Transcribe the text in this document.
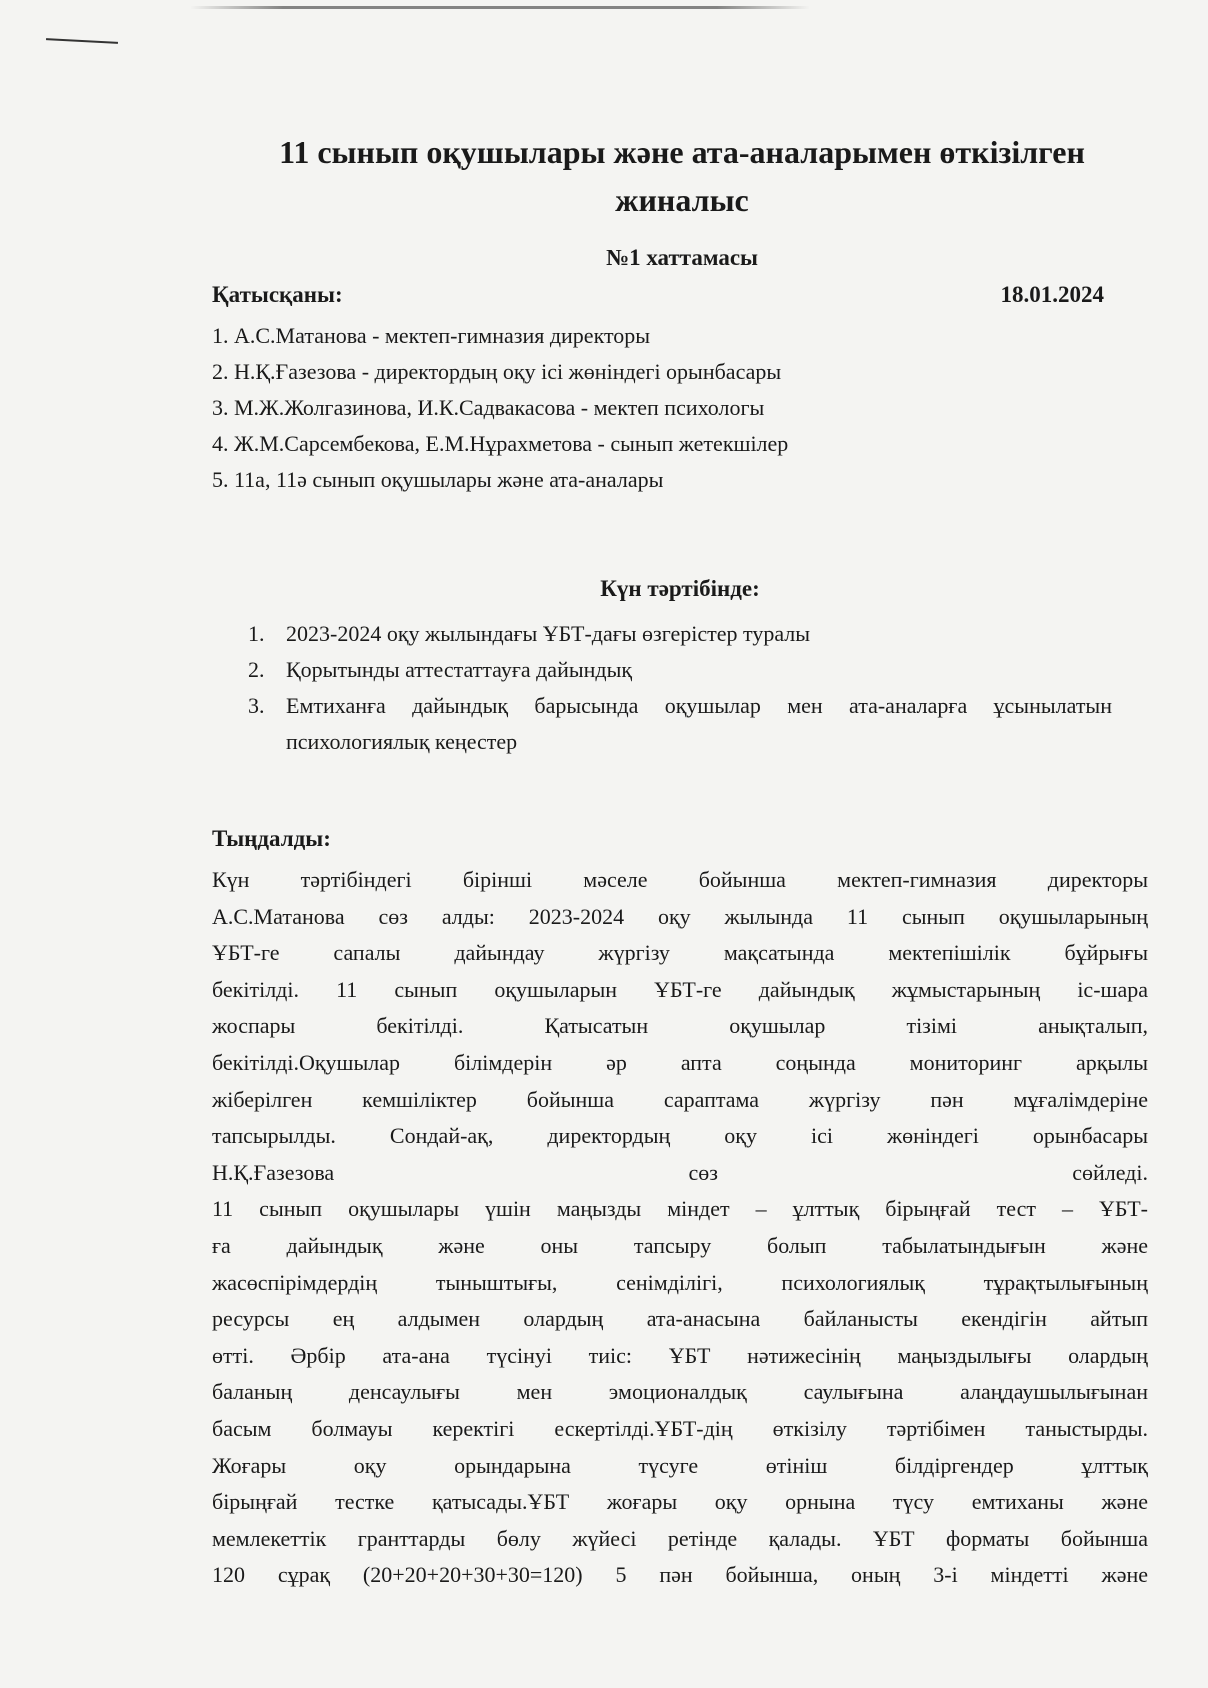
11 сынып оқушылары және ата-аналарымен өткізілген жиналыс
№1 хаттамасы
Қатысқаны:	18.01.2024
1. А.С.Матанова - мектеп-гимназия директоры
2. Н.Қ.Ғазезова - директордың оқу ісі жөніндегі орынбасары
3. М.Ж.Жолгазинова, И.К.Садвакасова - мектеп психологы
4. Ж.М.Сарсембекова, Е.М.Нұрахметова - сынып жетекшілер
5. 11а, 11ә сынып оқушылары және ата-аналары
Күн тәртібінде:
1. 2023-2024 оқу жылындағы ҰБТ-дағы өзгерістер туралы
2. Қорытынды аттестаттауға дайындық
3. Емтиханға дайындық барысында оқушылар мен ата-аналарға ұсынылатын психологиялық кеңестер
Тыңдалды:
Күн тәртібіндегі біріншi мәселе бойынша мектеп-гимназия директоры
А.С.Матанова сөз алды: 2023-2024 оқу жылында 11 сынып оқушыларының
ҰБТ-ге сапалы дайындау жүргізу мақсатында мектепішілік бұйрығы
бекітілді. 11 сынып оқушыларын ҰБТ-ге дайындық жұмыстарының іс-шара
жоспары бекітілді. Қатысатын оқушылар тізімі анықталып,
бекітілді.Оқушылар білімдерін әр апта соңында мониторинг арқылы
жіберілген кемшіліктер бойынша сараптама жүргізу пән мұғалімдеріне
тапсырылды. Сондай-ақ, директордың оқу ісі жөніндегі орынбасары
Н.Қ.Ғазезова сөз сөйледі.
11 сынып оқушылары үшін маңызды міндет – ұлттық бірыңғай тест – ҰБТ-
ға дайындық және оны тапсыру болып табылатындығын және
жасөспірімдердің тыныштығы, сенімділігі, психологиялық тұрақтылығының
ресурсы ең алдымен олардың ата-анасына байланысты екендігін айтып
өтті. Әрбір ата-ана түсінуі тиіс: ҰБТ нәтижесінің маңыздылығы олардың
баланың денсаулығы мен эмоционалдық саулығына алаңдаушылығынан
басым болмауы керектігі ескертілді.ҰБТ-дің өткізілу тәртібімен таныстырды.
Жоғары оқу орындарына түсуге өтініш білдіргендер ұлттық
бірыңғай тестке қатысады.ҰБТ жоғары оқу орнына түсу емтиханы және
мемлекеттік гранттарды бөлу жүйесі ретінде қалады. ҰБТ форматы бойынша
120 сұрақ (20+20+20+30+30=120) 5 пән бойынша, оның 3-і міндетті және
